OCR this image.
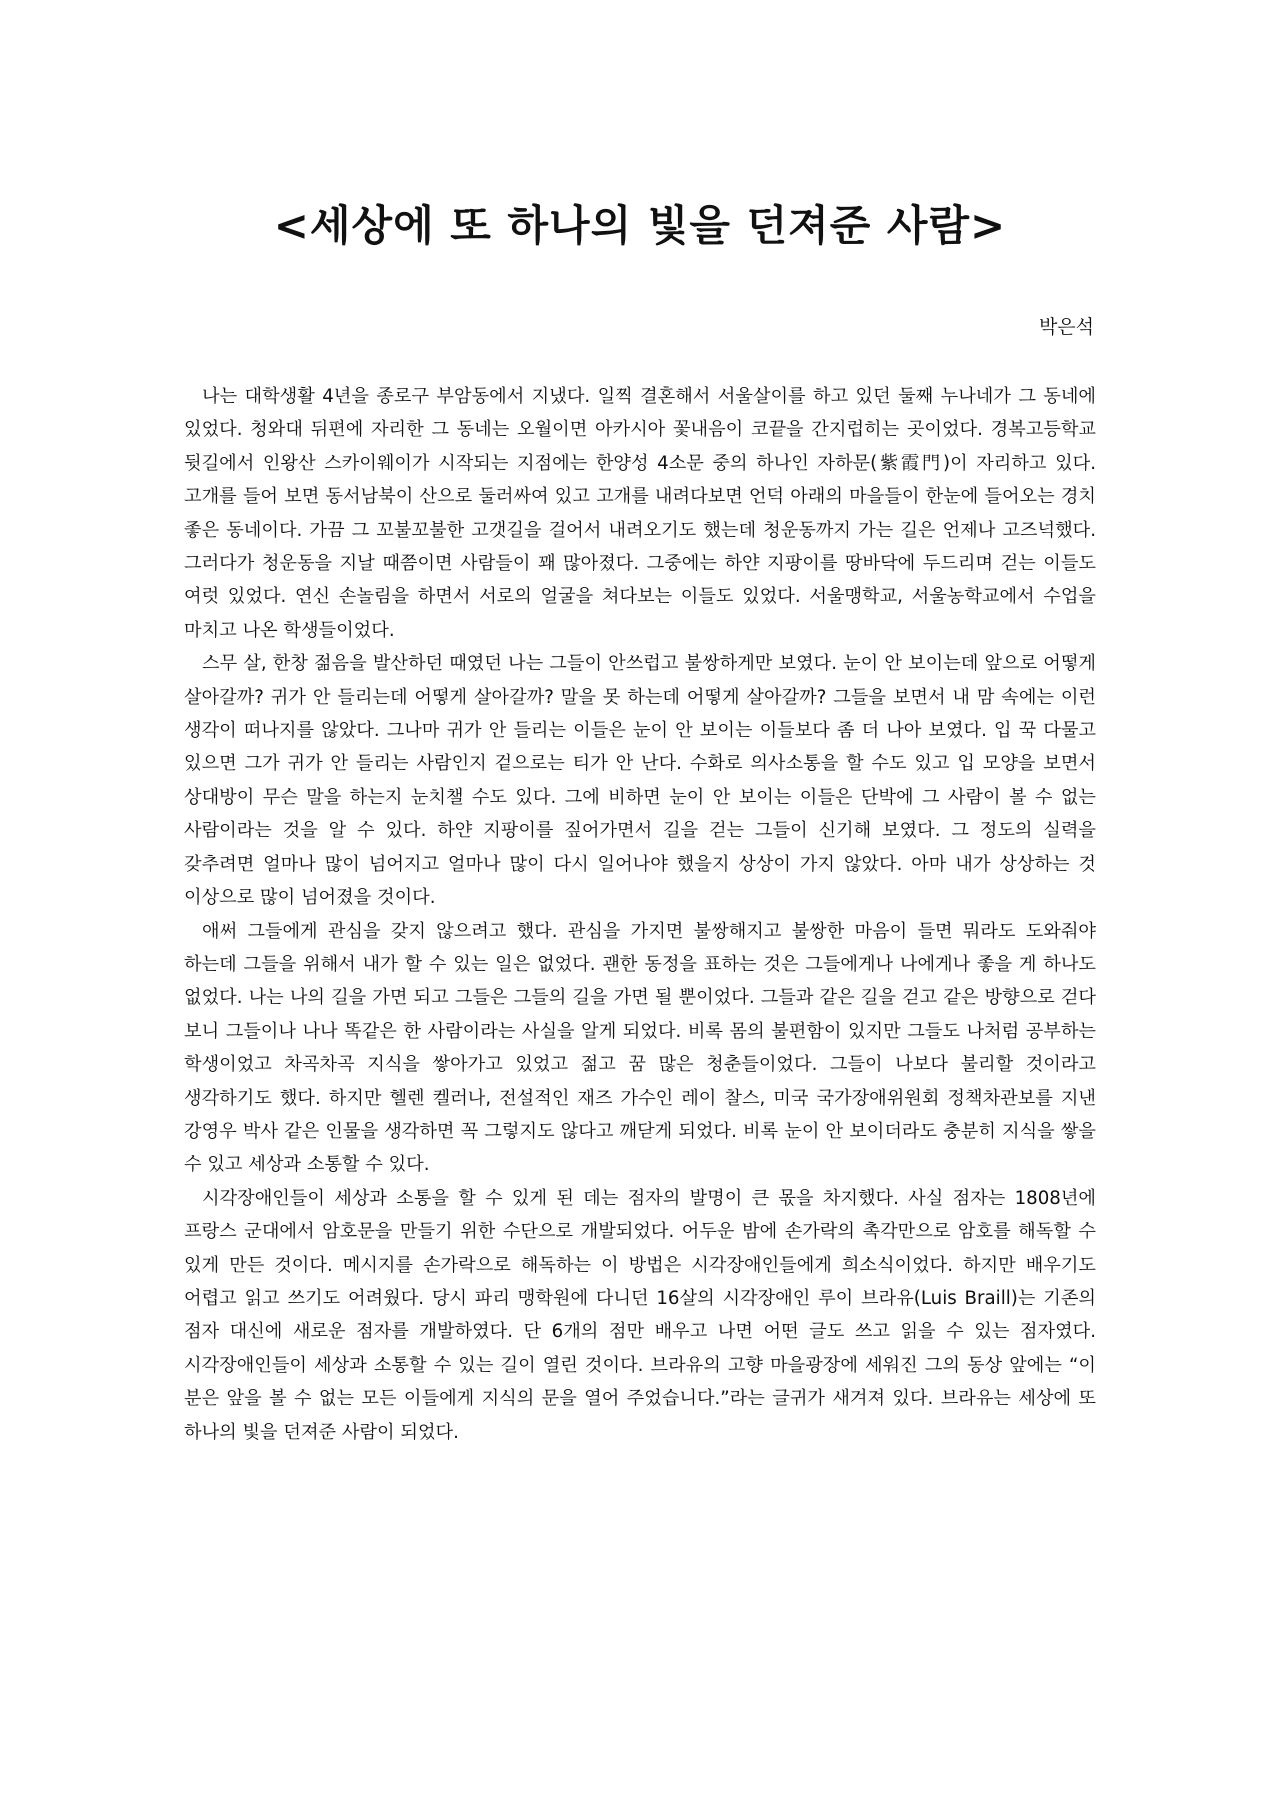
<세상에 또 하나의 빛을 던져준 사람>

박은석

나는 대학생활 4년을 종로구 부암동에서 지냈다. 일찍 결혼해서 서울살이를 하고 있던 둘째 누나네가 그 동네에 있었다. 청와대 뒤편에 자리한 그 동네는 오월이면 아카시아 꽃내음이 코끝을 간지럽히는 곳이었다. 경복고등학교 뒷길에서 인왕산 스카이웨이가 시작되는 지점에는 한양성 4소문 중의 하나인 자하문(紫霞門)이 자리하고 있다. 고개를 들어 보면 동서남북이 산으로 둘러싸여 있고 고개를 내려다보면 언덕 아래의 마을들이 한눈에 들어오는 경치 좋은 동네이다. 가끔 그 꼬불꼬불한 고갯길을 걸어서 내려오기도 했는데 청운동까지 가는 길은 언제나 고즈넉했다. 그러다가 청운동을 지날 때쯤이면 사람들이 꽤 많아졌다. 그중에는 하얀 지팡이를 땅바닥에 두드리며 걷는 이들도 여럿 있었다. 연신 손놀림을 하면서 서로의 얼굴을 쳐다보는 이들도 있었다. 서울맹학교, 서울농학교에서 수업을 마치고 나온 학생들이었다.

스무 살, 한창 젊음을 발산하던 때였던 나는 그들이 안쓰럽고 불쌍하게만 보였다. 눈이 안 보이는데 앞으로 어떻게 살아갈까? 귀가 안 들리는데 어떻게 살아갈까? 말을 못 하는데 어떻게 살아갈까? 그들을 보면서 내 맘 속에는 이런 생각이 떠나지를 않았다. 그나마 귀가 안 들리는 이들은 눈이 안 보이는 이들보다 좀 더 나아 보였다. 입 꾹 다물고 있으면 그가 귀가 안 들리는 사람인지 겉으로는 티가 안 난다. 수화로 의사소통을 할 수도 있고 입 모양을 보면서 상대방이 무슨 말을 하는지 눈치챌 수도 있다. 그에 비하면 눈이 안 보이는 이들은 단박에 그 사람이 볼 수 없는 사람이라는 것을 알 수 있다. 하얀 지팡이를 짚어가면서 길을 걷는 그들이 신기해 보였다. 그 정도의 실력을 갖추려면 얼마나 많이 넘어지고 얼마나 많이 다시 일어나야 했을지 상상이 가지 않았다. 아마 내가 상상하는 것 이상으로 많이 넘어졌을 것이다.

애써 그들에게 관심을 갖지 않으려고 했다. 관심을 가지면 불쌍해지고 불쌍한 마음이 들면 뭐라도 도와줘야 하는데 그들을 위해서 내가 할 수 있는 일은 없었다. 괜한 동정을 표하는 것은 그들에게나 나에게나 좋을 게 하나도 없었다. 나는 나의 길을 가면 되고 그들은 그들의 길을 가면 될 뿐이었다. 그들과 같은 길을 걷고 같은 방향으로 걷다 보니 그들이나 나나 똑같은 한 사람이라는 사실을 알게 되었다. 비록 몸의 불편함이 있지만 그들도 나처럼 공부하는 학생이었고 차곡차곡 지식을 쌓아가고 있었고 젊고 꿈 많은 청춘들이었다. 그들이 나보다 불리할 것이라고 생각하기도 했다. 하지만 헬렌 켈러나, 전설적인 재즈 가수인 레이 찰스, 미국 국가장애위원회 정책차관보를 지낸 강영우 박사 같은 인물을 생각하면 꼭 그렇지도 않다고 깨닫게 되었다. 비록 눈이 안 보이더라도 충분히 지식을 쌓을 수 있고 세상과 소통할 수 있다.

시각장애인들이 세상과 소통을 할 수 있게 된 데는 점자의 발명이 큰 몫을 차지했다. 사실 점자는 1808년에 프랑스 군대에서 암호문을 만들기 위한 수단으로 개발되었다. 어두운 밤에 손가락의 촉각만으로 암호를 해독할 수 있게 만든 것이다. 메시지를 손가락으로 해독하는 이 방법은 시각장애인들에게 희소식이었다. 하지만 배우기도 어렵고 읽고 쓰기도 어려웠다. 당시 파리 맹학원에 다니던 16살의 시각장애인 루이 브라유(Luis Braill)는 기존의 점자 대신에 새로운 점자를 개발하였다. 단 6개의 점만 배우고 나면 어떤 글도 쓰고 읽을 수 있는 점자였다. 시각장애인들이 세상과 소통할 수 있는 길이 열린 것이다. 브라유의 고향 마을광장에 세워진 그의 동상 앞에는 “이 분은 앞을 볼 수 없는 모든 이들에게 지식의 문을 열어 주었습니다.”라는 글귀가 새겨져 있다. 브라유는 세상에 또 하나의 빛을 던져준 사람이 되었다.
